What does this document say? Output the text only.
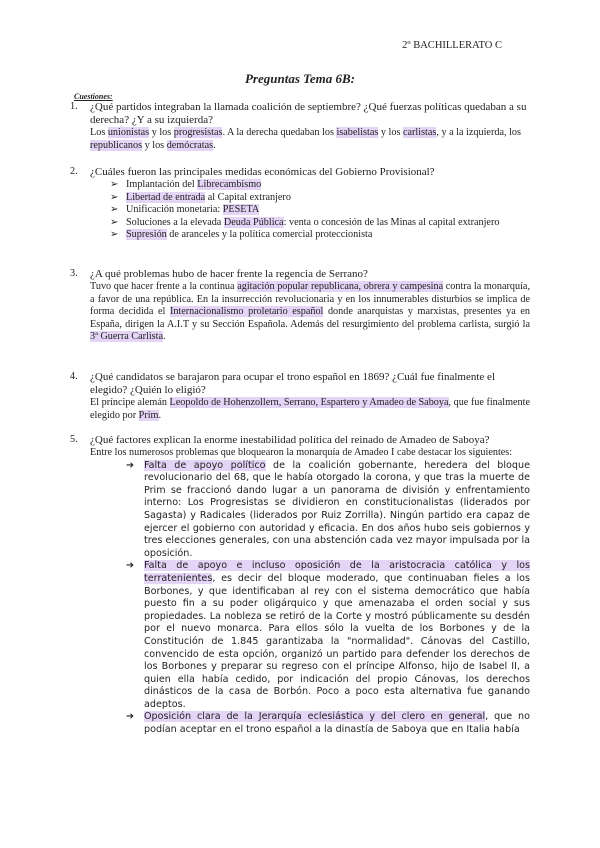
2º BACHILLERATO C
Preguntas Tema 6B:
Cuestiones:
1. ¿Qué partidos integraban la llamada coalición de septiembre? ¿Qué fuerzas políticas quedaban a su derecha? ¿Y a su izquierda?
Los unionistas y los progresistas. A la derecha quedaban los isabelistas y los carlistas, y a la izquierda, los republicanos y los demócratas.
2. ¿Cuáles fueron las principales medidas económicas del Gobierno Provisional?
➢ Implantación del Librecambismo
➢ Libertad de entrada al Capital extranjero
➢ Unificación monetaria: PESETA
➢ Soluciones a la elevada Deuda Pública: venta o concesión de las Minas al capital extranjero
➢ Supresión de aranceles y la política comercial proteccionista
3. ¿A qué problemas hubo de hacer frente la regencia de Serrano?
Tuvo que hacer frente a la continua agitación popular republicana, obrera y campesina contra la monarquía, a favor de una república. En la insurrección revolucionaria y en los innumerables disturbios se implica de forma decidida el Internacionalismo proletario español donde anarquistas y marxistas, presentes ya en España, dirigen la A.I.T y su Sección Española. Además del resurgimiento del problema carlista, surgió la 3ª Guerra Carlista.
4. ¿Qué candidatos se barajaron para ocupar el trono español en 1869? ¿Cuál fue finalmente el elegido? ¿Quién lo eligió?
El príncipe alemán Leopoldo de Hohenzollern, Serrano, Espartero y Amadeo de Saboya, que fue finalmente elegido por Prim.
5. ¿Qué factores explican la enorme inestabilidad política del reinado de Amadeo de Saboya?
Entre los numerosos problemas que bloquearon la monarquía de Amadeo I cabe destacar los siguientes:
➔ Falta de apoyo político de la coalición gobernante, heredera del bloque revolucionario del 68, que le había otorgado la corona, y que tras la muerte de Prim se fraccionó dando lugar a un panorama de división y enfrentamiento interno: Los Progresistas se dividieron en constitucionalistas (liderados por Sagasta) y Radicales (liderados por Ruiz Zorrilla). Ningún partido era capaz de ejercer el gobierno con autoridad y eficacia. En dos años hubo seis gobiernos y tres elecciones generales, con una abstención cada vez mayor impulsada por la oposición.
➔ Falta de apoyo e incluso oposición de la aristocracia católica y los terratenientes, es decir del bloque moderado, que continuaban fieles a los Borbones, y que identificaban al rey con el sistema democrático que había puesto fin a su poder oligárquico y que amenazaba el orden social y sus propiedades. La nobleza se retiró de la Corte y mostró públicamente su desdén por el nuevo monarca. Para ellos sólo la vuelta de los Borbones y de la Constitución de 1.845 garantizaba la "normalidad". Cánovas del Castillo, convencido de esta opción, organizó un partido para defender los derechos de los Borbones y preparar su regreso con el príncipe Alfonso, hijo de Isabel II, a quien ella había cedido, por indicación del propio Cánovas, los derechos dinásticos de la casa de Borbón. Poco a poco esta alternativa fue ganando adeptos.
➔ Oposición clara de la Jerarquía eclesiástica y del clero en general, que no podían aceptar en el trono español a la dinastía de Saboya que en Italia había
